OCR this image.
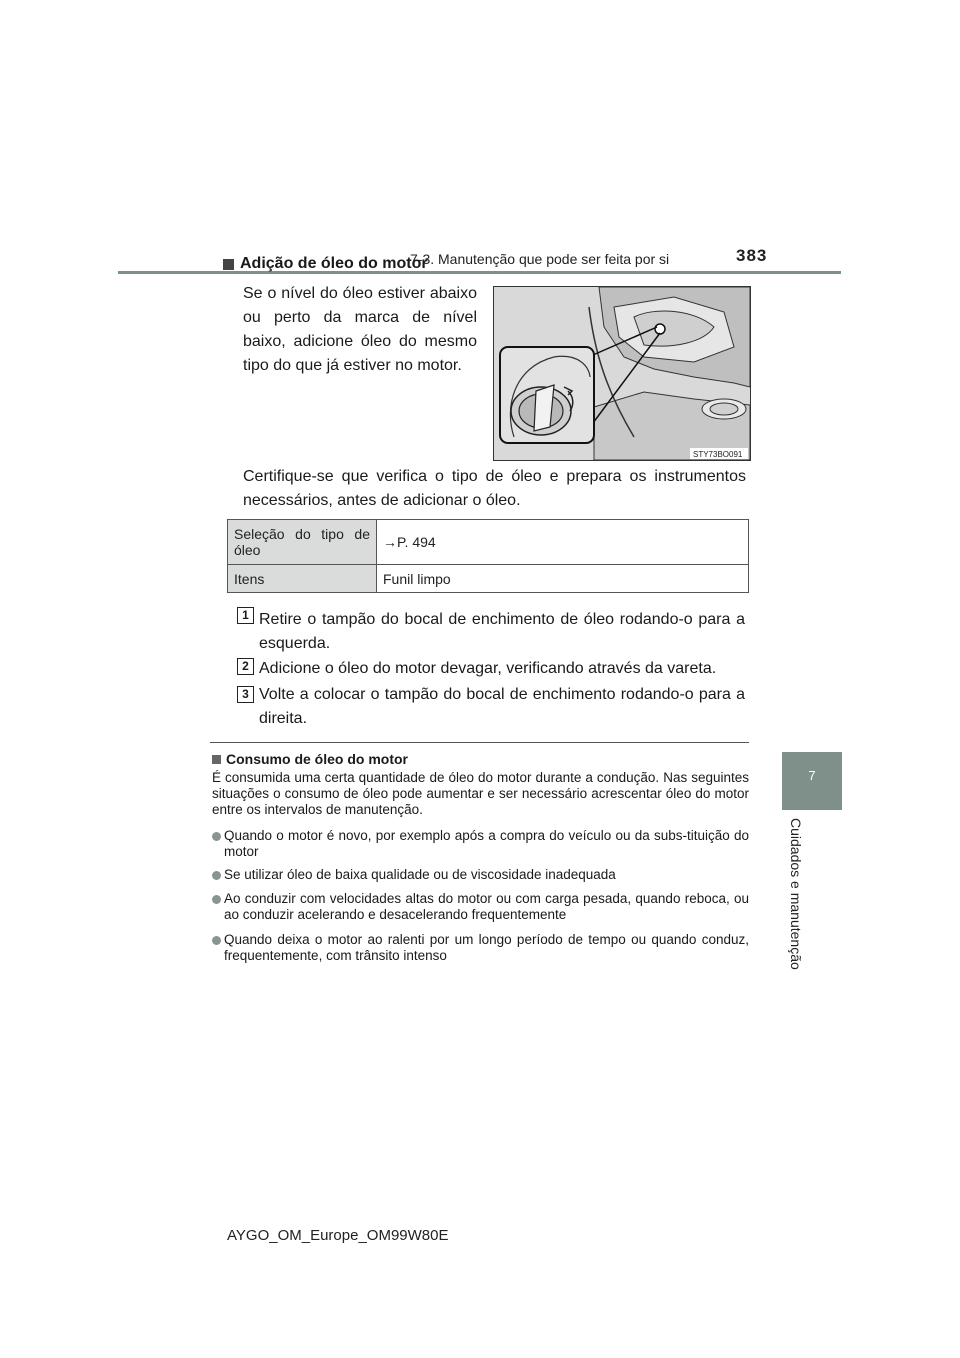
7-3. Manutenção que pode ser feita por si	383
7
Cuidados e manutenção
Adição de óleo do motor
Se o nível do óleo estiver abaixo ou perto da marca de nível baixo, adicione óleo do mesmo tipo do que já estiver no motor.
STY73BO091
Certifique-se que verifica o tipo de óleo e prepara os instrumentos necessários, antes de adicionar o óleo.
Seleção do tipo de óleo	→P. 494
Itens	Funil limpo
1 Retire o tampão do bocal de enchimento de óleo rodando-o para a esquerda.
2 Adicione o óleo do motor devagar, verificando através da vareta.
3 Volte a colocar o tampão do bocal de enchimento rodando-o para a direita.
Consumo de óleo do motor
É consumida uma certa quantidade de óleo do motor durante a condução. Nas seguintes situações o consumo de óleo pode aumentar e ser necessário acrescentar óleo do motor entre os intervalos de manutenção.
Quando o motor é novo, por exemplo após a compra do veículo ou da subs-tituição do motor
Se utilizar óleo de baixa qualidade ou de viscosidade inadequada
Ao conduzir com velocidades altas do motor ou com carga pesada, quando reboca, ou ao conduzir acelerando e desacelerando frequentemente
Quando deixa o motor ao ralenti por um longo período de tempo ou quando conduz, frequentemente, com trânsito intenso
AYGO_OM_Europe_OM99W80E
